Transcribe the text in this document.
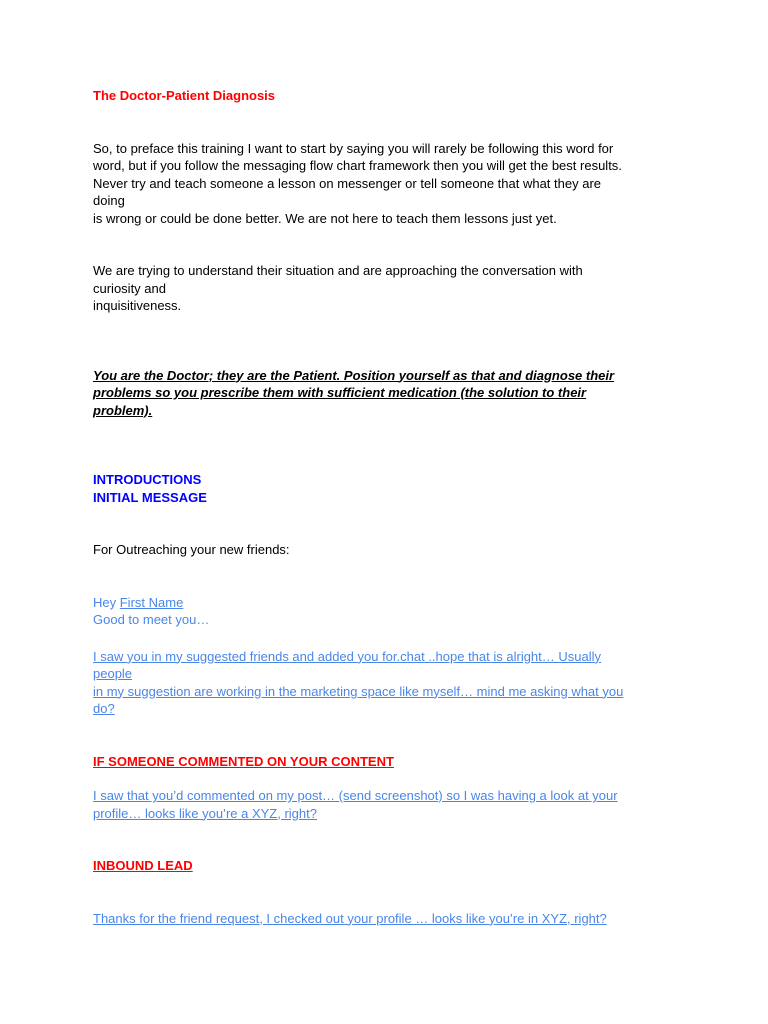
The Doctor-Patient Diagnosis
So, to preface this training I want to start by saying you will rarely be following this word for
word, but if you follow the messaging flow chart framework then you will get the best results.
Never try and teach someone a lesson on messenger or tell someone that what they are
doing
is wrong or could be done better. We are not here to teach them lessons just yet.
We are trying to understand their situation and are approaching the conversation with
curiosity and
inquisitiveness.
You are the Doctor; they are the Patient. Position yourself as that and diagnose their
problems so you prescribe them with sufficient medication (the solution to their
problem).
INTRODUCTIONS
INITIAL MESSAGE
For Outreaching your new friends:
Hey First Name
Good to meet you…
I saw you in my suggested friends and added you for.chat ..hope that is alright… Usually
people
in my suggestion are working in the marketing space like myself… mind me asking what you
do?
IF SOMEONE COMMENTED ON YOUR CONTENT
I saw that you’d commented on my post… (send screenshot) so I was having a look at your
profile… looks like you’re a XYZ, right?
INBOUND LEAD
Thanks for the friend request, I checked out your profile … looks like you’re in XYZ, right?
